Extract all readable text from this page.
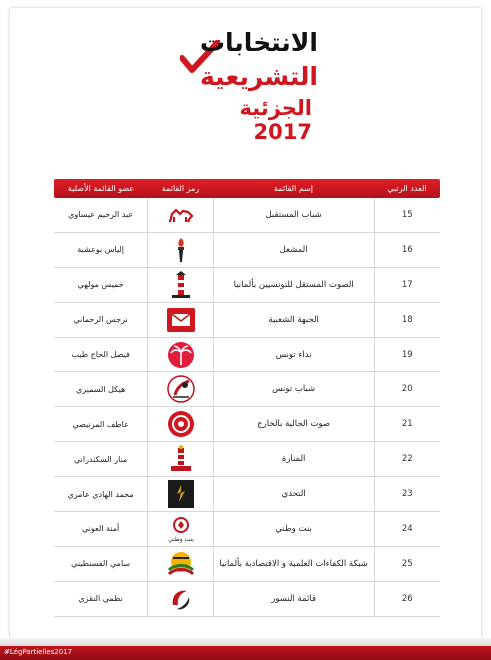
الانتخابات
التشريعية
الجزئية 2017
العدد الرتبي
إسم القائمة
رمز القائمة
عضو القائمة الأصلية
15
شباب المستقبل
عبد الرحيم عيساوي
16
المشعل
إلياس بوعشبة
17
الصوت المستقل للتونسيين بألمانيا
خميس مولهي
18
الجبهة الشعبية
نرجس الرحماني
19
نداء تونس
فيصل الحاج طيب
20
شباب تونس
هيكل السميري
21
صوت الجالية بالخارج
عاطف المرنيصي
22
المنارة
منار السكندراني
23
التحدي
محمد الهادي عامري
24
بنت وطني
بنت وطني
أمنة العوني
25
شبكة الكفاءات العلمية و الاقتصادية بألمانيا
سامي القسنطيني
26
قائمة النسور
نظمي النقزي
#LégPartielles2017
